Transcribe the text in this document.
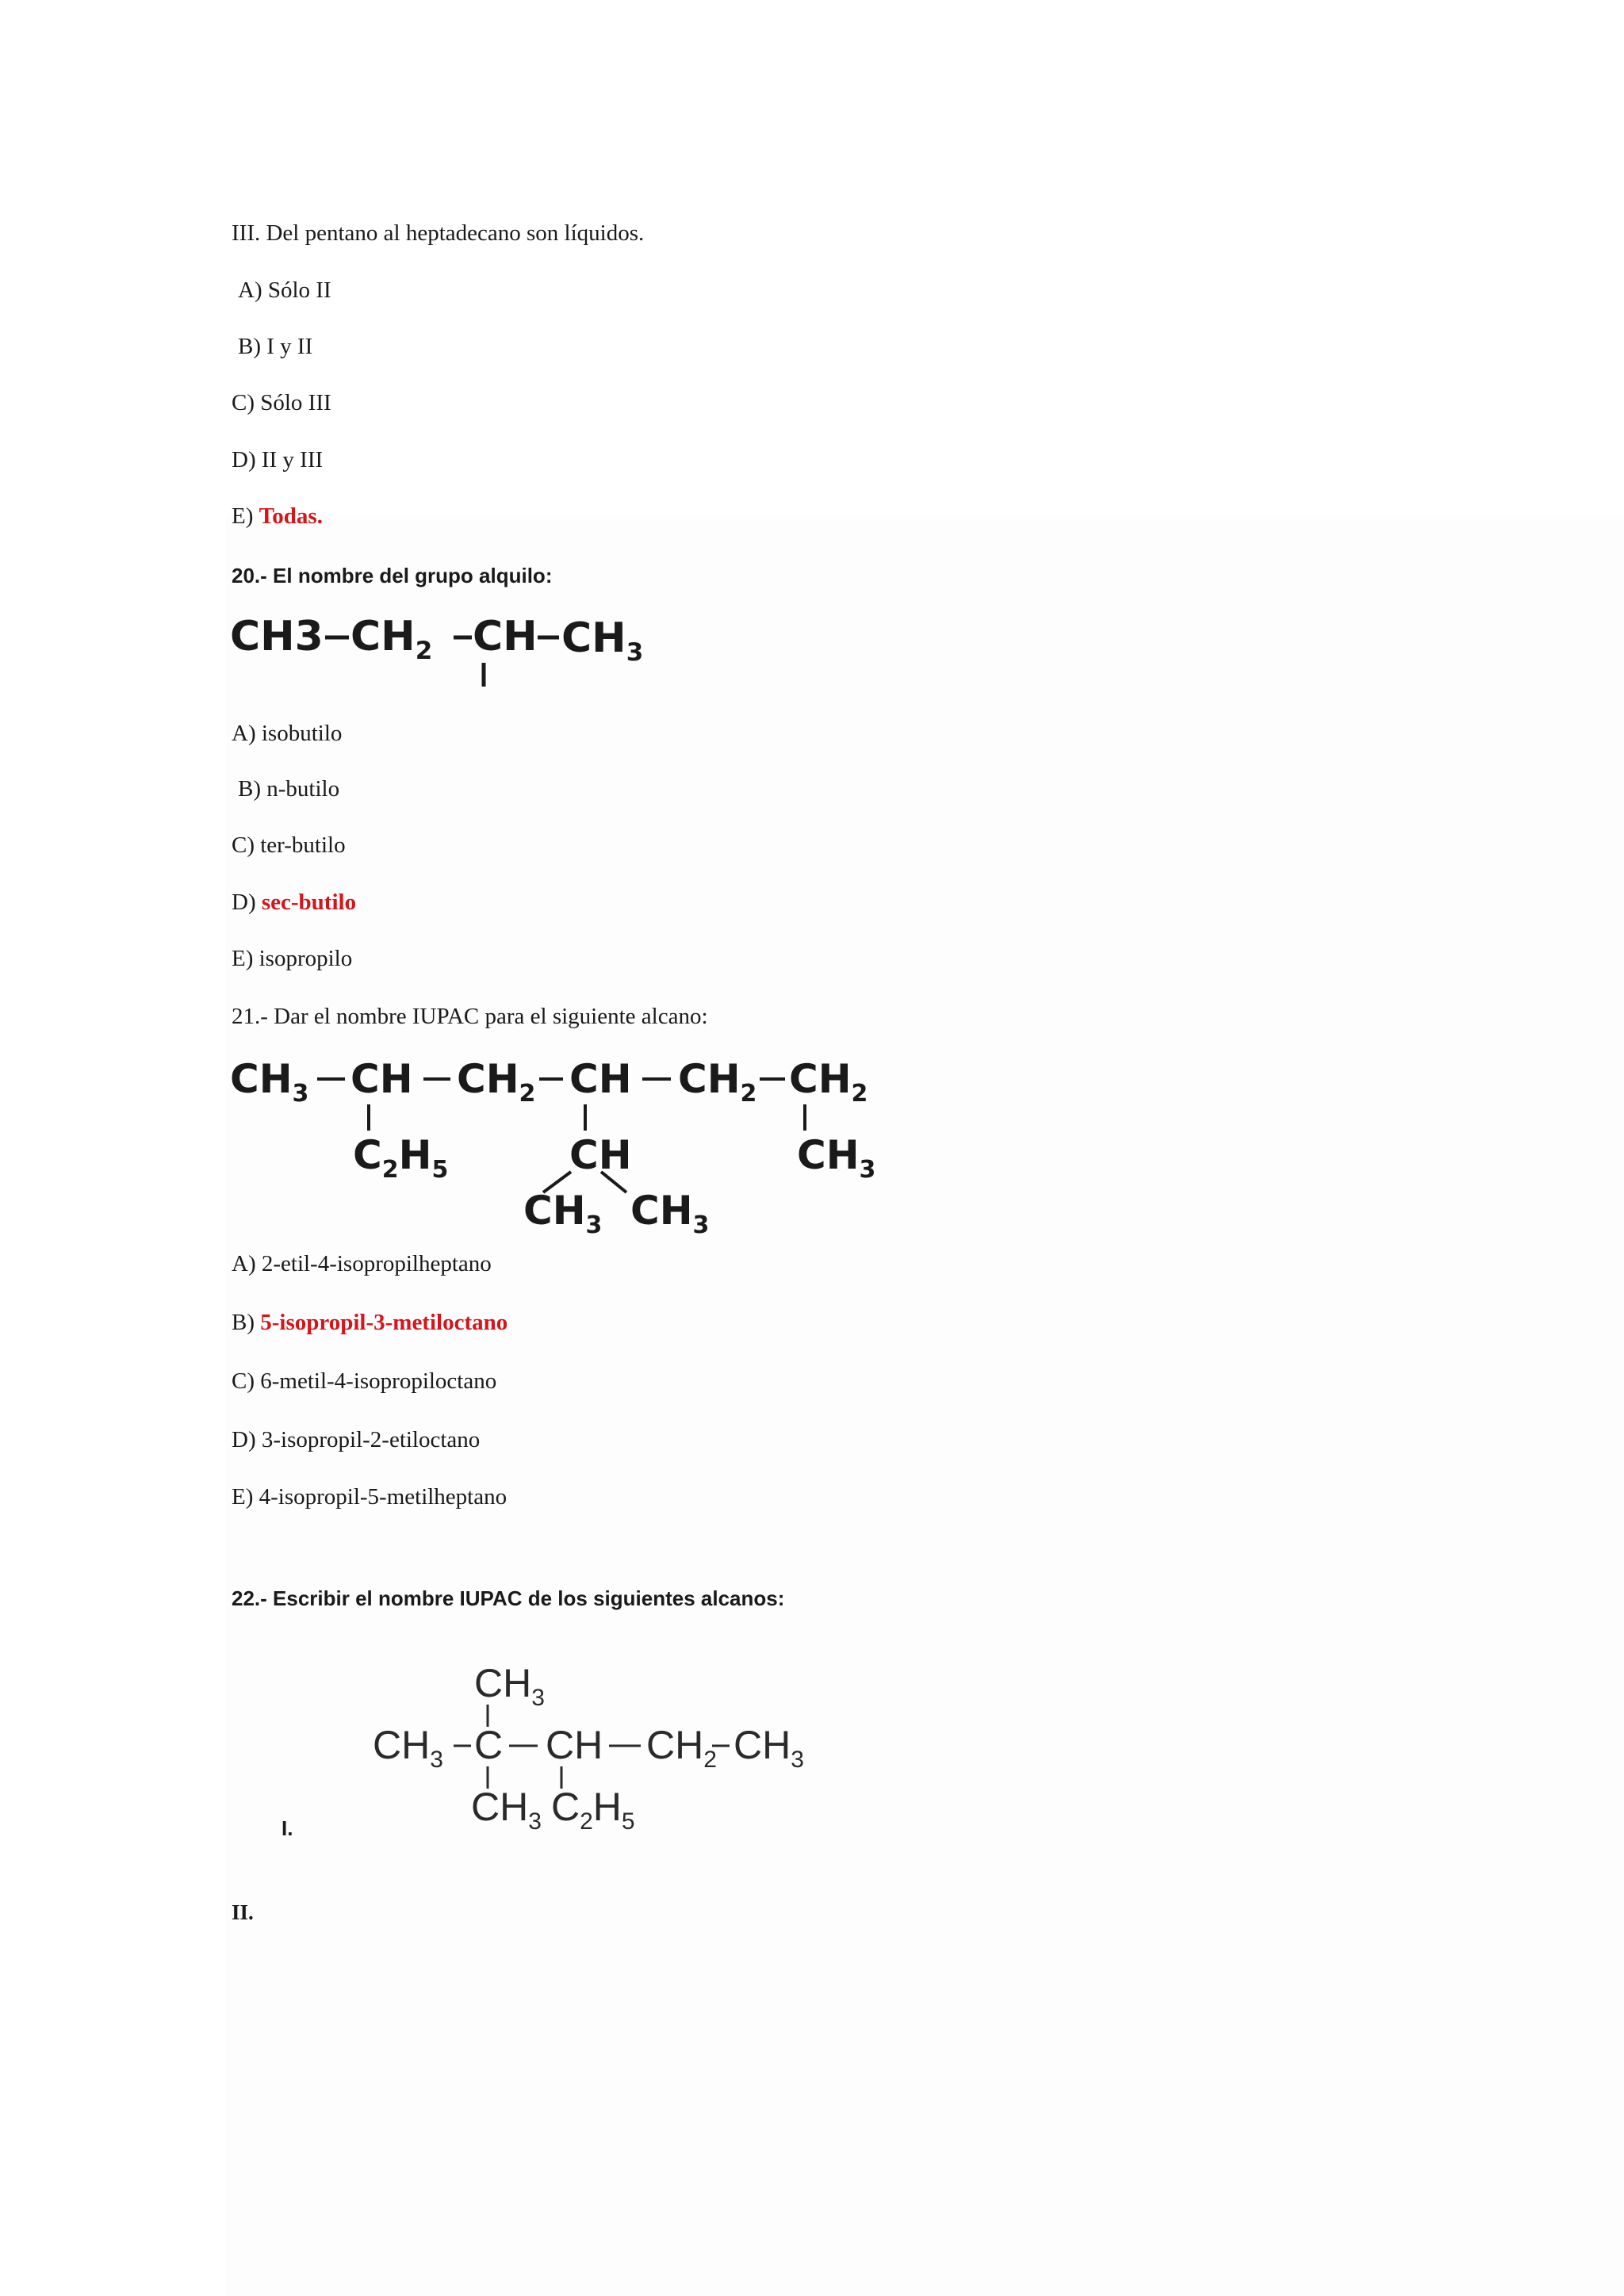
III. Del pentano al heptadecano son líquidos.
A) Sólo II
B) I y II
C) Sólo III
D) II y III
E) Todas.
20.- El nombre del grupo alquilo:
CH3 $CH_2$ CH $CH_3$
A) isobutilo
B) n-butilo
C) ter-butilo
D) sec-butilo
E) isopropilo
21.- Dar el nombre IUPAC para el siguiente alcano:
$CH_3$ CH $CH_2$ CH $CH_2$ $CH_2$
$C_2H_5$	CH
$CH_3$ $CH_3$
$CH_3$
A) 2-etil-4-isopropilheptano
B) 5-isopropil-3-metiloctano
C) 6-metil-4-isopropiloctano
D) 3-isopropil-2-etiloctano
E) 4-isopropil-5-metilheptano
22.- Escribir el nombre IUPAC de los siguientes alcanos:
$CH_3$
$CH_3$ C CH $CH_2$ $CH_3$
$CH_3$ $C_2H_5$
I.
II.
